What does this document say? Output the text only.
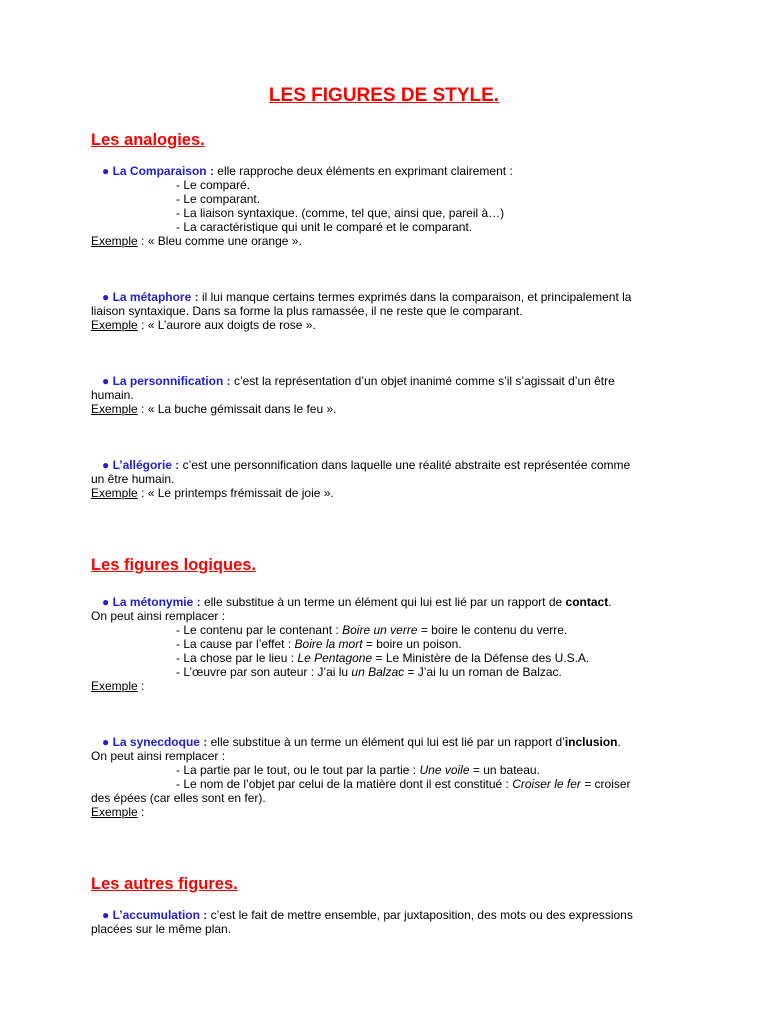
LES FIGURES DE STYLE.
Les analogies.
● La Comparaison : elle rapproche deux éléments en exprimant clairement :
- Le comparé.
- Le comparant.
- La liaison syntaxique. (comme, tel que, ainsi que, pareil à…)
- La caractéristique qui unit le comparé et le comparant.
Exemple : « Bleu comme une orange ».
● La métaphore : il lui manque certains termes exprimés dans la comparaison, et principalement la
liaison syntaxique. Dans sa forme la plus ramassée, il ne reste que le comparant.
Exemple : « L’aurore aux doigts de rose ».
● La personnification : c’est la représentation d’un objet inanimé comme s’il s’agissait d’un être
humain.
Exemple : « La buche gémissait dans le feu ».
● L’allégorie : c’est une personnification dans laquelle une réalité abstraite est représentée comme
un être humain.
Exemple : « Le printemps frémissait de joie ».
Les figures logiques.
● La métonymie : elle substitue à un terme un élément qui lui est lié par un rapport de contact.
On peut ainsi remplacer :
- Le contenu par le contenant : Boire un verre = boire le contenu du verre.
- La cause par l’effet : Boire la mort = boire un poison.
- La chose par le lieu : Le Pentagone = Le Ministère de la Défense des U.S.A.
- L’œuvre par son auteur : J’ai lu un Balzac = J’ai lu un roman de Balzac.
Exemple :
● La synecdoque : elle substitue à un terme un élément qui lui est lié par un rapport d’inclusion.
On peut ainsi remplacer :
- La partie par le tout, ou le tout par la partie : Une voile = un bateau.
- Le nom de l’objet par celui de la matière dont il est constitué : Croiser le fer = croiser
des épées (car elles sont en fer).
Exemple :
Les autres figures.
● L’accumulation : c’est le fait de mettre ensemble, par juxtaposition, des mots ou des expressions
placées sur le même plan.
